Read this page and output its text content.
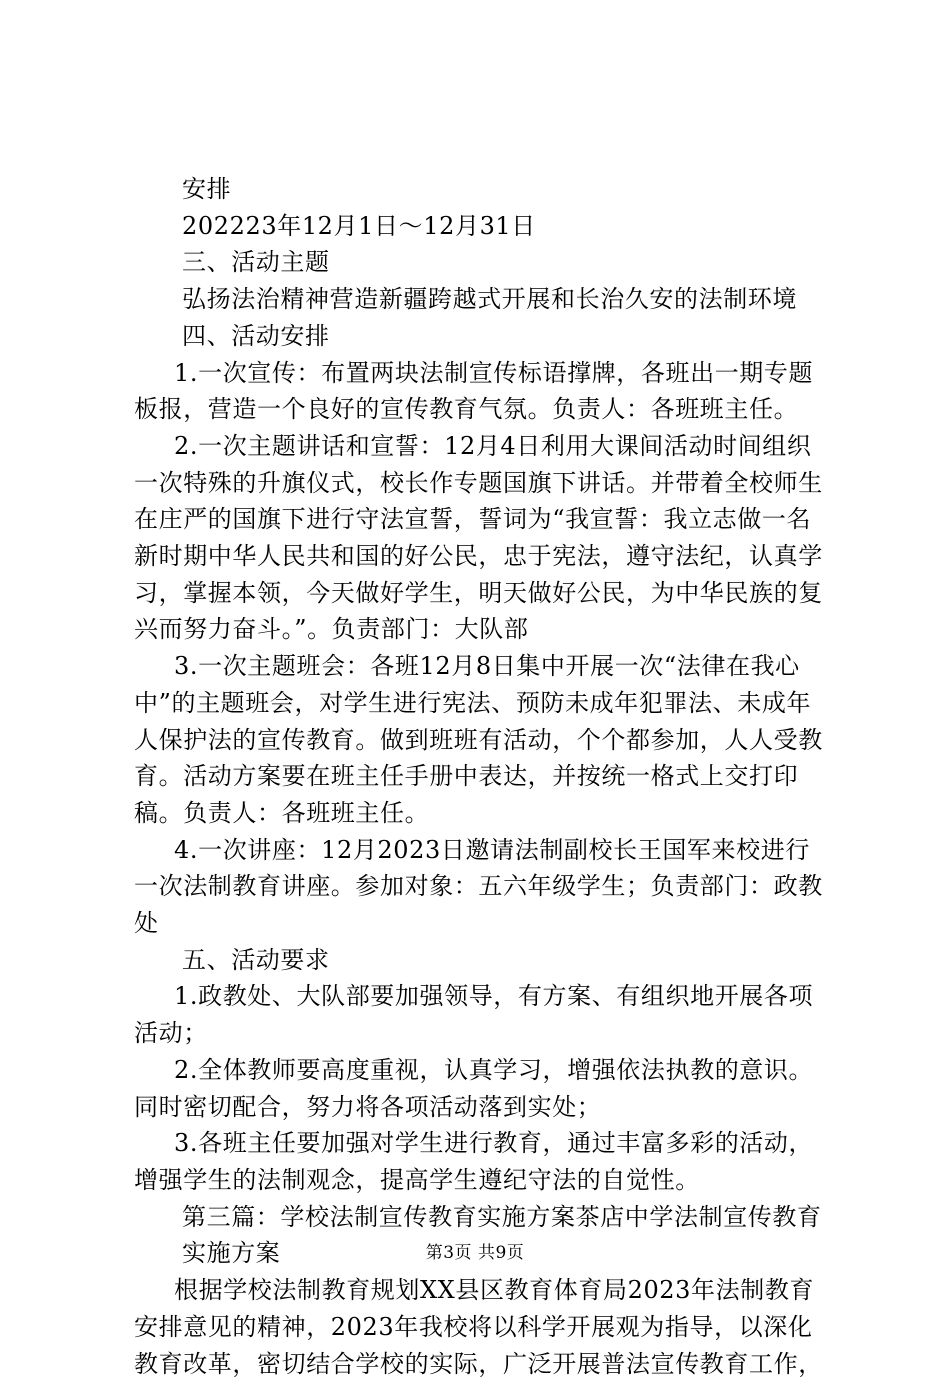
安排

202223年12月1日～12月31日

三、活动主题

弘扬法治精神营造新疆跨越式开展和长治久安的法制环境

四、活动安排

1.一次宣传：布置两块法制宣传标语撑牌，各班出一期专题板报，营造一个良好的宣传教育气氛。负责人：各班班主任。

2.一次主题讲话和宣誓：12月4日利用大课间活动时间组织一次特殊的升旗仪式，校长作专题国旗下讲话。并带着全校师生在庄严的国旗下进行守法宣誓，誓词为“我宣誓：我立志做一名新时期中华人民共和国的好公民，忠于宪法，遵守法纪，认真学习，掌握本领，今天做好学生，明天做好公民，为中华民族的复兴而努力奋斗。”。负责部门：大队部

3.一次主题班会：各班12月8日集中开展一次“法律在我心中”的主题班会，对学生进行宪法、预防未成年犯罪法、未成年人保护法的宣传教育。做到班班有活动，个个都参加，人人受教育。活动方案要在班主任手册中表达，并按统一格式上交打印稿。负责人：各班班主任。

4.一次讲座：12月2023日邀请法制副校长王国军来校进行一次法制教育讲座。参加对象：五六年级学生；负责部门：政教处

五、活动要求

1.政教处、大队部要加强领导，有方案、有组织地开展各项活动；

2.全体教师要高度重视，认真学习，增强依法执教的意识。同时密切配合，努力将各项活动落到实处；

3.各班主任要加强对学生进行教育，通过丰富多彩的活动，增强学生的法制观念，提高学生遵纪守法的自觉性。

第三篇：学校法制宣传教育实施方案茶店中学法制宣传教育实施方案

根据学校法制教育规划XX县区教育体育局2023年法制教育安排意见的精神，2023年我校将以科学开展观为指导，以深化教育改革，密切结合学校的实际，广泛开展普法宣传教育工作，

第3页 共9页
